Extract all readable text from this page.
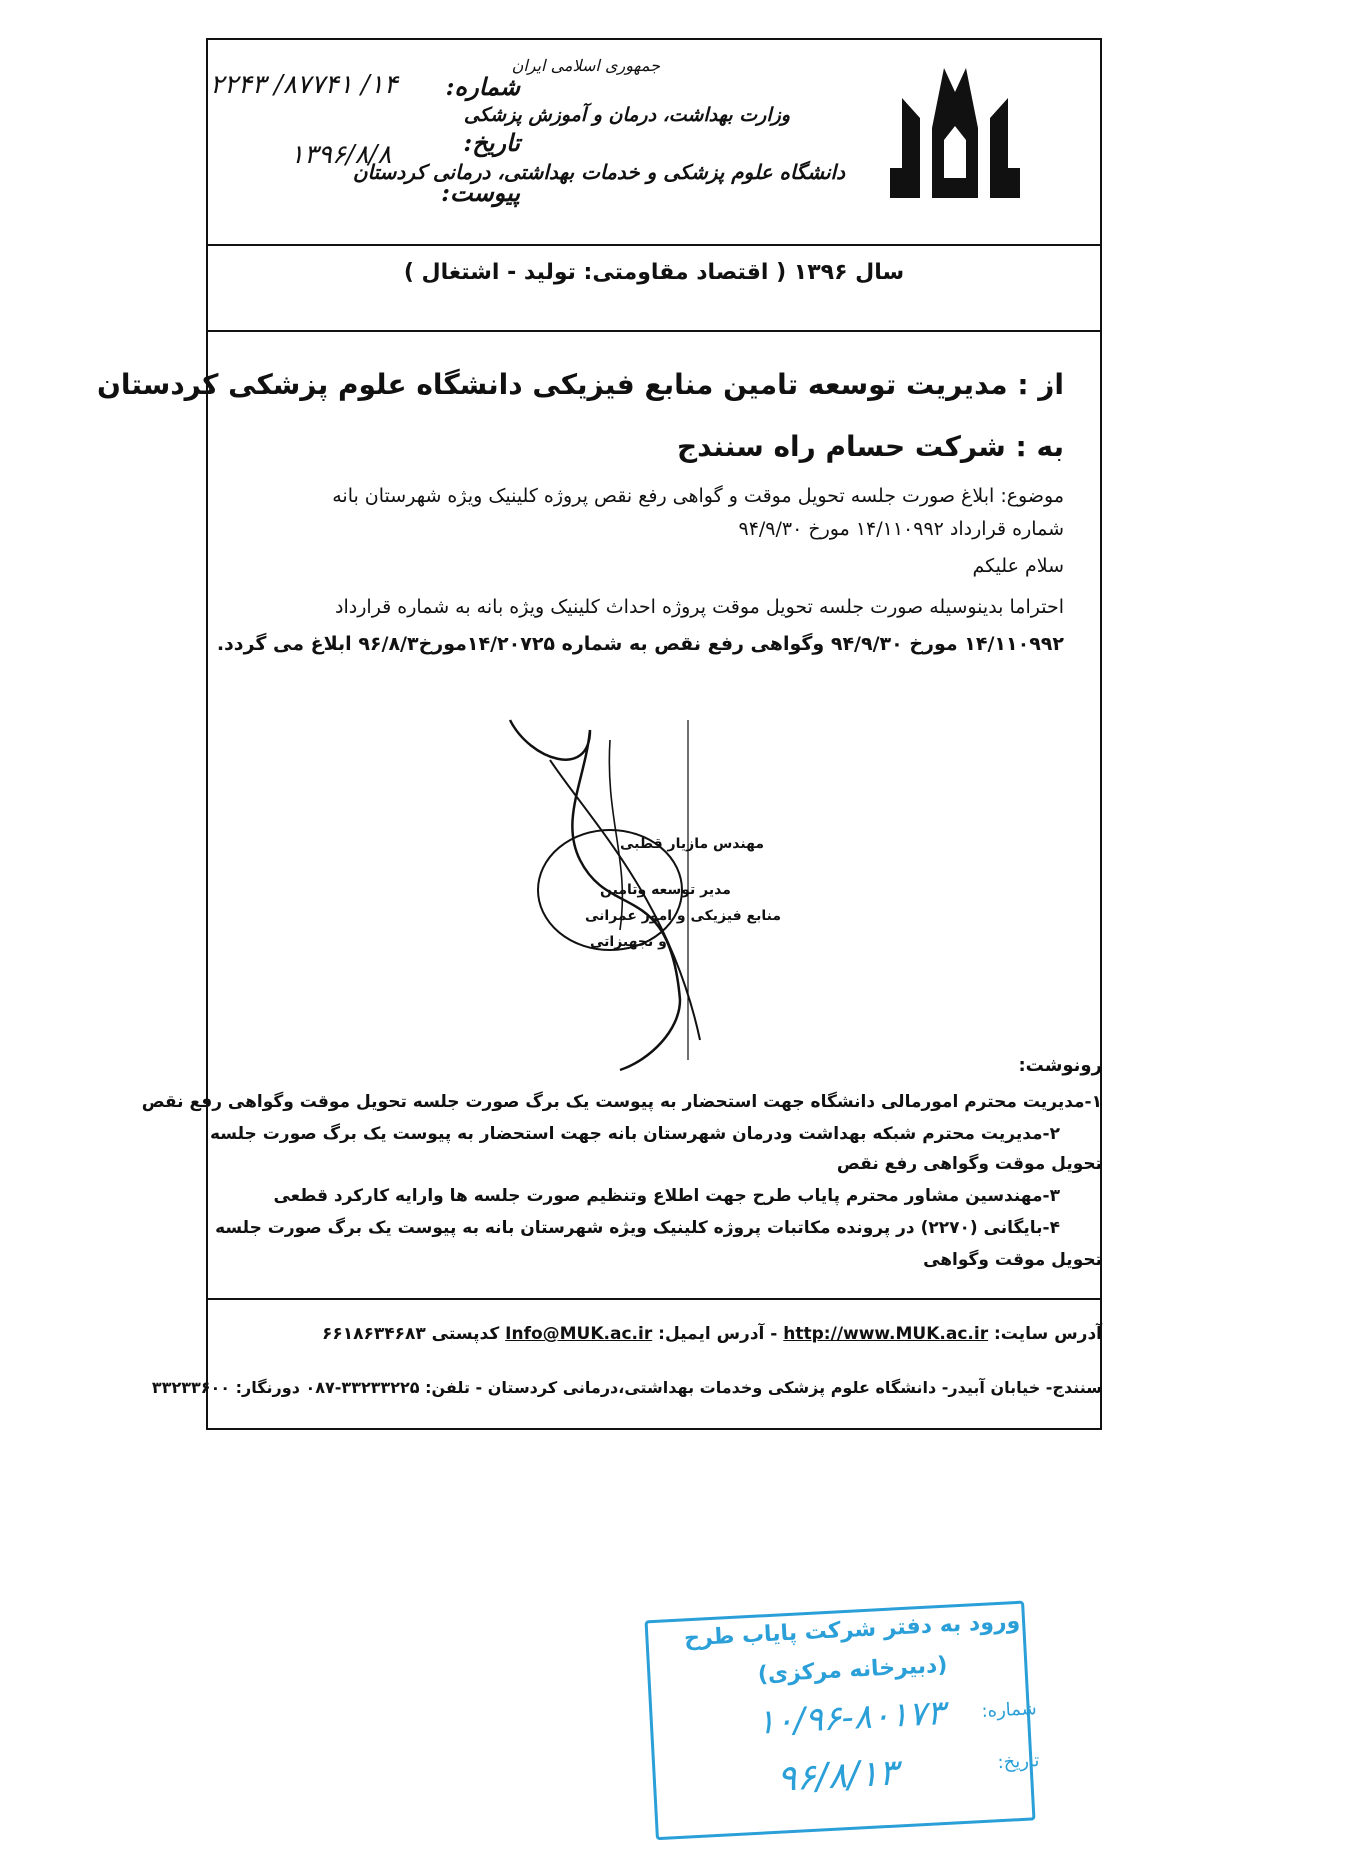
جمهوری اسلامی ایران
وزارت بهداشت، درمان و آموزش پزشکی
دانشگاه علوم پزشکی و خدمات بهداشتی، درمانی کردستان
شماره:
تاریخ:
پیوست:
۱۴/ ۸۷۷۴۱/ ۲۲۴۳
۱۳۹۶/۸/۸
سال ۱۳۹۶ ( اقتصاد مقاومتی: تولید - اشتغال )
از : مدیریت توسعه تامین منابع فیزیکی دانشگاه علوم پزشکی کردستان
به : شرکت حسام راه سنندج
موضوع: ابلاغ صورت جلسه تحویل موقت و گواهی رفع نقص پروژه کلینیک ویژه شهرستان بانه
شماره قرارداد ۱۴/۱۱۰۹۹۲ مورخ ۹۴/۹/۳۰
سلام علیکم
احتراما بدینوسیله صورت جلسه تحویل موقت پروژه احداث کلینیک ویژه بانه به شماره قرارداد
۱۴/۱۱۰۹۹۲ مورخ ۹۴/۹/۳۰ وگواهی رفع نقص به شماره ۱۴/۲۰۷۲۵مورخ۹۶/۸/۳ ابلاغ می گردد.
مهندس مازیار قطبی
مدیر توسعه وتامین
منابع فیزیکی و امور عمرانی
و تجهیزاتی
رونوشت:
۱-مدیریت محترم امورمالی دانشگاه جهت استحضار به پیوست یک برگ صورت جلسه تحویل موقت وگواهی رفع نقص
۲-مدیریت محترم شبکه بهداشت ودرمان شهرستان بانه جهت استحضار به پیوست یک برگ صورت جلسه
تحویل موقت وگواهی رفع نقص
۳-مهندسین مشاور محترم پایاب طرح جهت اطلاع وتنظیم صورت جلسه ها وارایه کارکرد قطعی
۴-بایگانی (۲۲۷۰) در پرونده مکاتبات پروژه کلینیک ویژه شهرستان بانه به پیوست یک برگ صورت جلسه
تحویل موقت وگواهی
آدرس سایت: http://www.MUK.ac.ir - آدرس ایمیل: Info@MUK.ac.ir کدپستی ۶۶۱۸۶۳۴۶۸۳
سنندج- خیابان آبیدر- دانشگاه علوم پزشکی وخدمات بهداشتی،درمانی کردستان - تلفن: ۳۳۲۳۳۲۲۵-۰۸۷ دورنگار: ۳۳۲۳۳۶۰۰
ورود به دفتر شرکت پایاب طرح
(دبیرخانه مرکزی)
شماره:
۱۰/۹۶-۸۰۱۷۳
تاریخ:
۹۶/۸/۱۳
